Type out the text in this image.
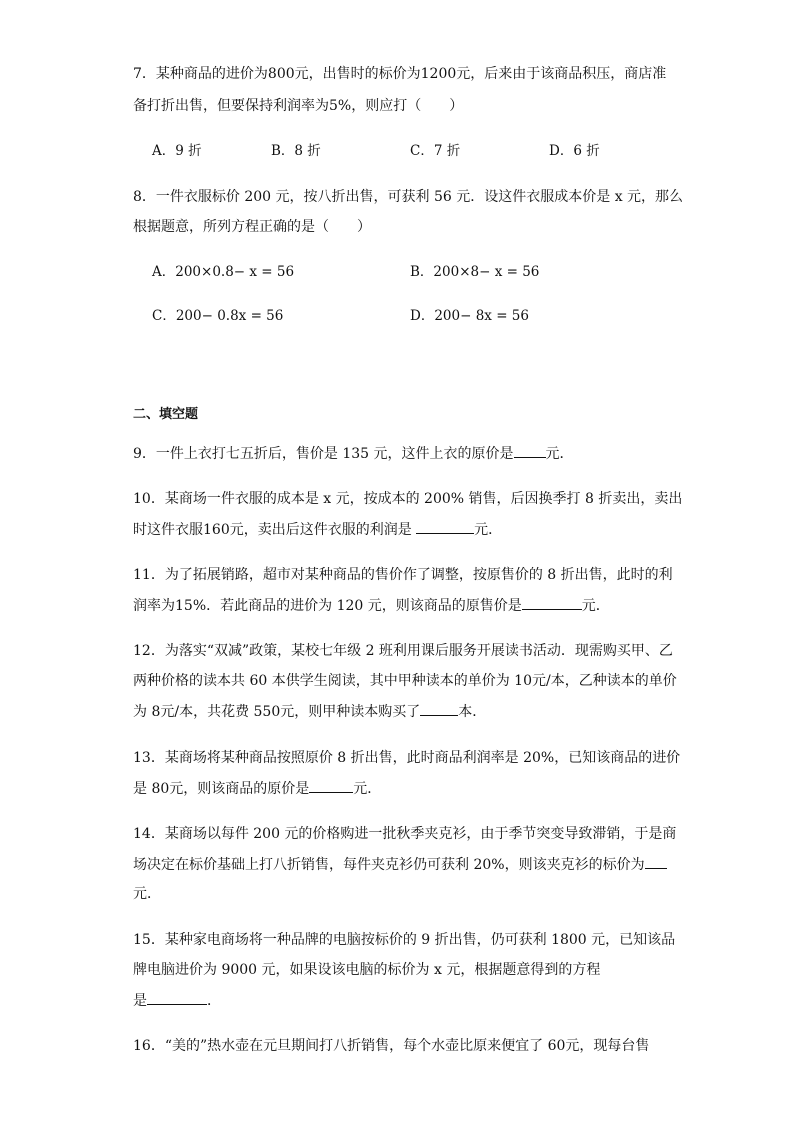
7．某种商品的进价为800元，出售时的标价为1200元，后来由于该商品积压，商店准
备打折出售，但要保持利润率为5%，则应打（　　）
A．9 折	B．8 折	C．7 折	D．6 折
8．一件衣服标价 200 元，按八折出售，可获利 56 元．设这件衣服成本价是 x 元，那么
根据题意，所列方程正确的是（　　）
A．200×0.8− x = 56	B．200×8− x = 56
C．200− 0.8x = 56	D．200− 8x = 56
二、填空题
9．一件上衣打七五折后，售价是 135 元，这件上衣的原价是 元．
10．某商场一件衣服的成本是 x 元，按成本的 200% 销售，后因换季打 8 折卖出，卖出
时这件衣服160元，卖出后这件衣服的利润是	元．
11．为了拓展销路，超市对某种商品的售价作了调整，按原售价的 8 折出售，此时的利
润率为15%．若此商品的进价为 120 元，则该商品的原售价是	元．
12．为落实“双减”政策，某校七年级 2 班利用课后服务开展读书活动．现需购买甲、乙
两种价格的读本共 60 本供学生阅读，其中甲种读本的单价为 10元/本，乙种读本的单价
为 8元/本，共花费 550元，则甲种读本购买了	本．
13．某商场将某种商品按照原价 8 折出售，此时商品利润率是 20%，已知该商品的进价
是 80元，则该商品的原价是	元．
14．某商场以每件 200 元的价格购进一批秋季夹克衫，由于季节突变导致滞销，于是商
场决定在标价基础上打八折销售，每件夹克衫仍可获利 20%，则该夹克衫的标价为
元．
15．某种家电商场将一种品牌的电脑按标价的 9 折出售，仍可获利 1800 元，已知该品
牌电脑进价为 9000 元，如果设该电脑的标价为 x 元，根据题意得到的方程
是	．
16．“美的”热水壶在元旦期间打八折销售，每个水壶比原来便宜了 60元，现每台售
